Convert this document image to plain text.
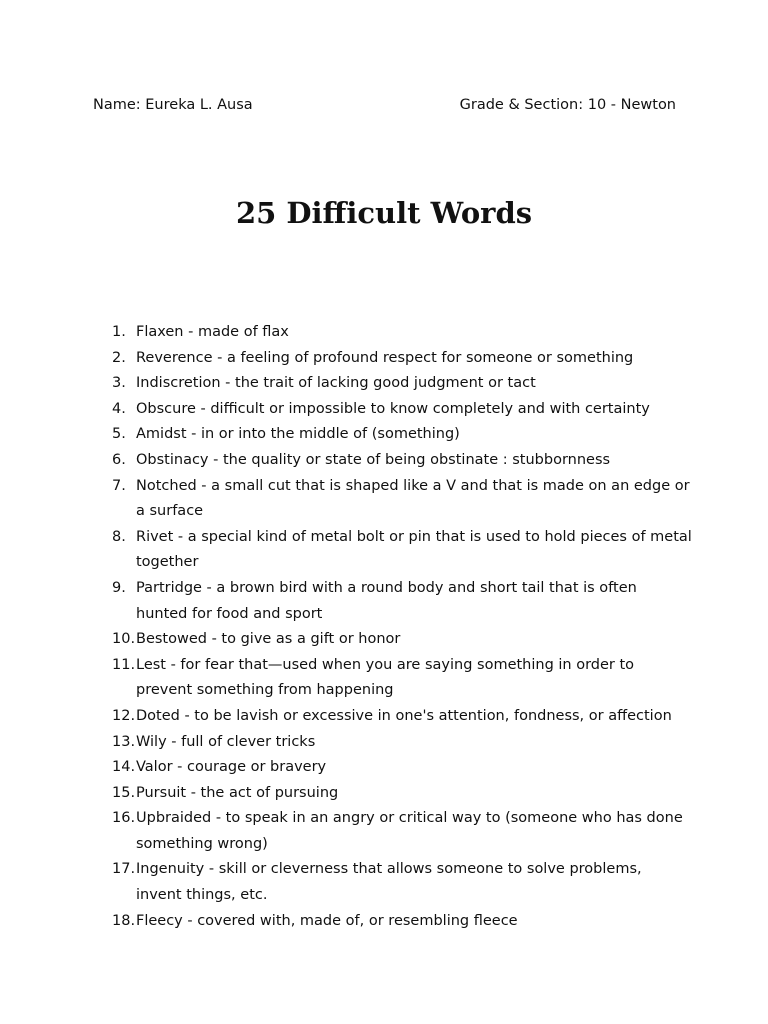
Name: Eureka L. Ausa	Grade & Section: 10 - Newton
25 Difficult Words
1. Flaxen - made of flax
2. Reverence - a feeling of profound respect for someone or something
3. Indiscretion - the trait of lacking good judgment or tact
4. Obscure - difficult or impossible to know completely and with certainty
5. Amidst - in or into the middle of (something)
6. Obstinacy - the quality or state of being obstinate : stubbornness
7. Notched - a small cut that is shaped like a V and that is made on an edge or
a surface
8. Rivet - a special kind of metal bolt or pin that is used to hold pieces of metal
together
9. Partridge - a brown bird with a round body and short tail that is often
hunted for food and sport
10. Bestowed - to give as a gift or honor
11. Lest - for fear that—used when you are saying something in order to
prevent something from happening
12. Doted - to be lavish or excessive in one's attention, fondness, or affection
13. Wily - full of clever tricks
14. Valor - courage or bravery
15. Pursuit - the act of pursuing
16. Upbraided - to speak in an angry or critical way to (someone who has done
something wrong)
17. Ingenuity - skill or cleverness that allows someone to solve problems,
invent things, etc.
18. Fleecy - covered with, made of, or resembling fleece
